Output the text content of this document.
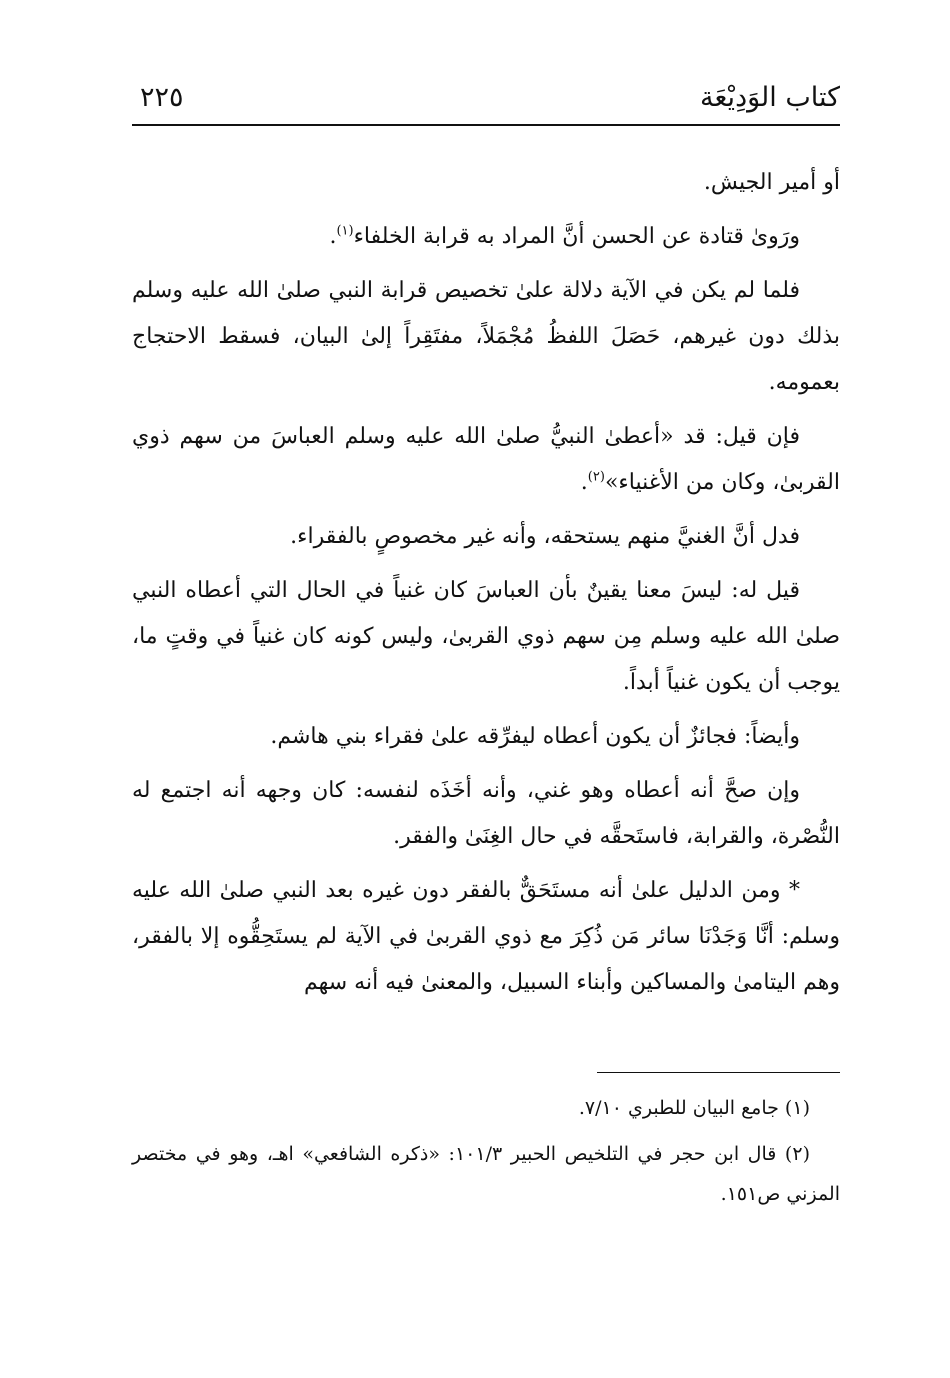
كتاب الوَدِيْعَة
٢٢٥

أو أمير الجيش.

ورَوىٰ قتادة عن الحسن أنَّ المراد به قرابة الخلفاء$^{(١)}$.

فلما لم يكن في الآية دلالة علىٰ تخصيص قرابة النبي صلىٰ الله عليه وسلم بذلك دون غيرهم، حَصَلَ اللفظُ مُجْمَلاً، مفتَقِراً إلىٰ البيان، فسقط الاحتجاج بعمومه.

فإن قيل: قد «أعطىٰ النبيُّ صلىٰ الله عليه وسلم العباسَ من سهم ذوي القربىٰ، وكان من الأغنياء»$^{(٢)}$.

فدل أنَّ الغنيَّ منهم يستحقه، وأنه غير مخصوصٍ بالفقراء.

قيل له: ليسَ معنا يقينٌ بأن العباسَ كان غنياً في الحال التي أعطاه النبي صلىٰ الله عليه وسلم مِن سهم ذوي القربىٰ، وليس كونه كان غنياً في وقتٍ ما، يوجب أن يكون غنياً أبداً.

وأيضاً: فجائزٌ أن يكون أعطاه ليفرِّقه علىٰ فقراء بني هاشم.

وإن صحَّ أنه أعطاه وهو غني، وأنه أخَذَه لنفسه: كان وجهه أنه اجتمع له النُّصْرة، والقرابة، فاستَحقَّه في حال الغِنَىٰ والفقر.

* ومن الدليل علىٰ أنه مستَحَقٌّ بالفقر دون غيره بعد النبي صلىٰ الله عليه وسلم: أنَّا وَجَدْنَا سائر مَن ذُكِرَ مع ذوي القربىٰ في الآية لم يستَحِقُّوه إلا بالفقر، وهم اليتامىٰ والمساكين وأبناء السبيل، والمعنىٰ فيه أنه سهم

(١) جامع البيان للطبري ٧/١٠.

(٢) قال ابن حجر في التلخيص الحبير ١٠١/٣: «ذكره الشافعي» اهـ، وهو في مختصر المزني ص١٥١.
